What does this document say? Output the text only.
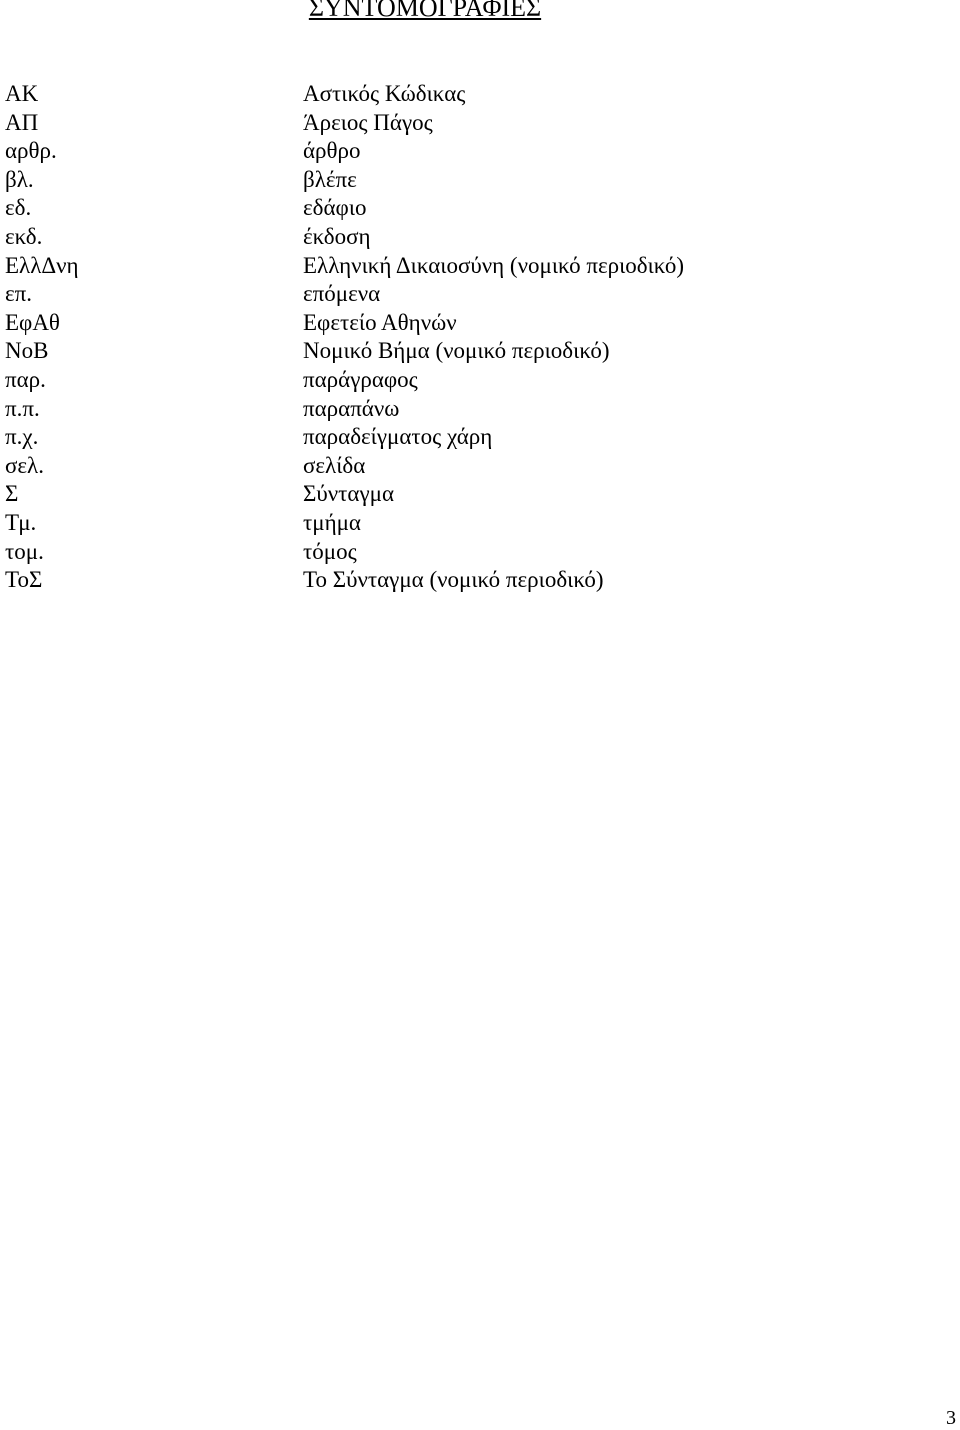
ΣΥΝΤΟΜΟΓΡΑΦΙΕΣ
ΑΚ	Αστικός Κώδικας
ΑΠ	Άρειος Πάγος
αρθρ.	άρθρο
βλ.	βλέπε
εδ.	εδάφιο
εκδ.	έκδοση
ΕλλΔνη	Ελληνική Δικαιοσύνη (νομικό περιοδικό)
επ.	επόμενα
ΕφΑθ	Εφετείο Αθηνών
ΝοΒ	Νομικό Βήμα (νομικό περιοδικό)
παρ.	παράγραφος
π.π.	παραπάνω
π.χ.	παραδείγματος χάρη
σελ.	σελίδα
Σ	Σύνταγμα
Τμ.	τμήμα
τομ.	τόμος
ΤοΣ	Το Σύνταγμα (νομικό περιοδικό)
3
